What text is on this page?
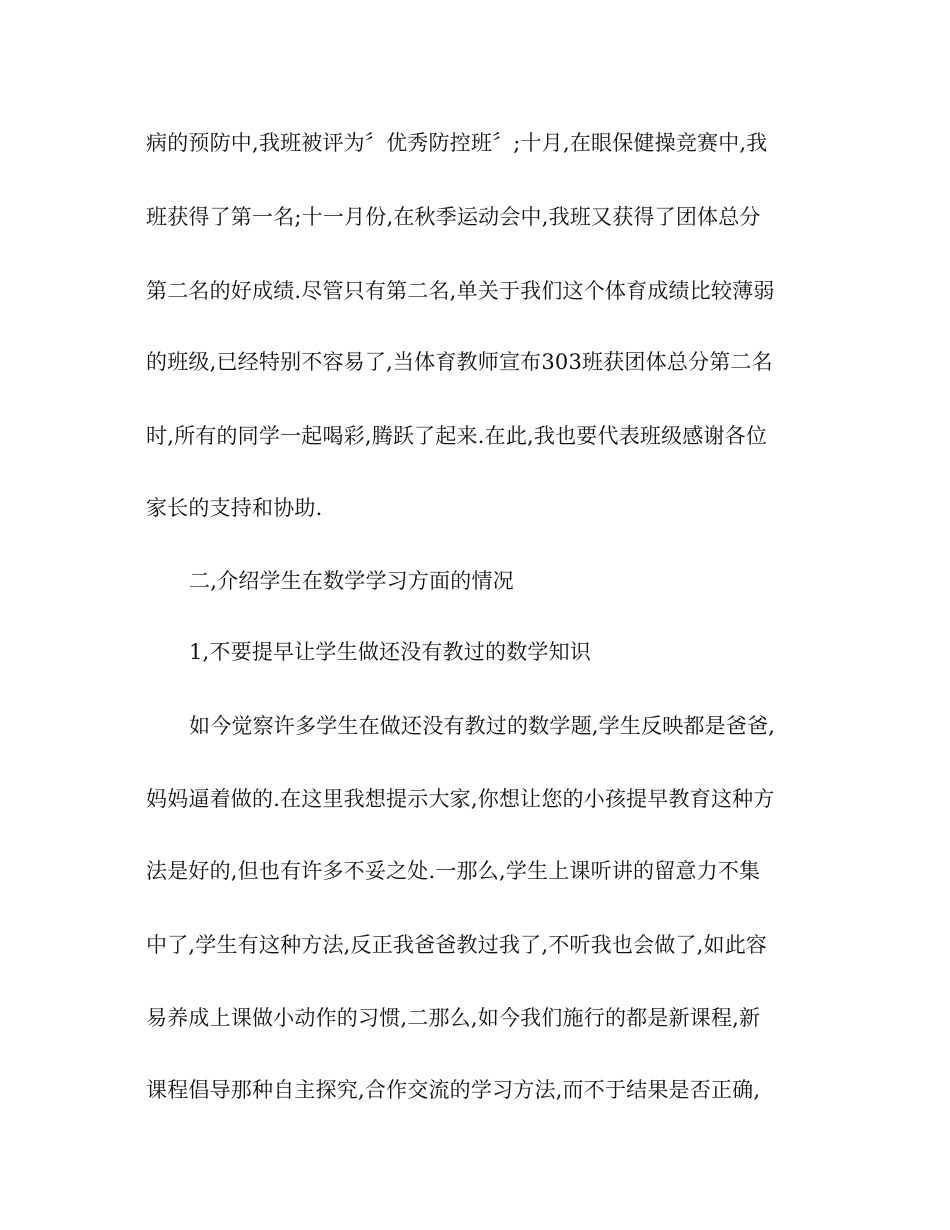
病的预防中,我班被评为〞优秀防控班〞;十月,在眼保健操竞赛中,我
班获得了第一名;十一月份,在秋季运动会中,我班又获得了团体总分
第二名的好成绩.尽管只有第二名,单关于我们这个体育成绩比较薄弱
的班级,已经特别不容易了,当体育教师宣布303班获团体总分第二名
时,所有的同学一起喝彩,腾跃了起来.在此,我也要代表班级感谢各位
家长的支持和协助.
二,介绍学生在数学学习方面的情况
1,不要提早让学生做还没有教过的数学知识
如今觉察许多学生在做还没有教过的数学题,学生反映都是爸爸,
妈妈逼着做的.在这里我想提示大家,你想让您的小孩提早教育这种方
法是好的,但也有许多不妥之处.一那么,学生上课听讲的留意力不集
中了,学生有这种方法,反正我爸爸教过我了,不听我也会做了,如此容
易养成上课做小动作的习惯,二那么,如今我们施行的都是新课程,新
课程倡导那种自主探究,合作交流的学习方法,而不于结果是否正确,
